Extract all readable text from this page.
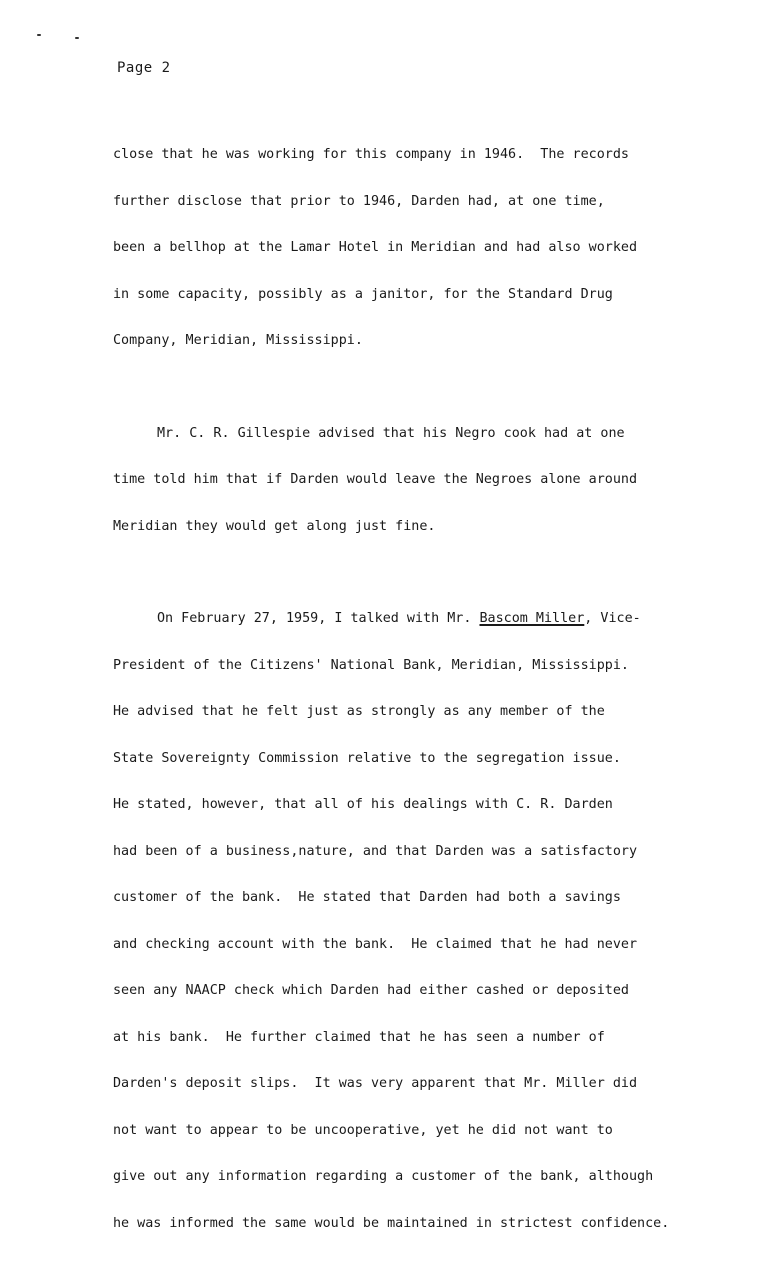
Page 2

close that he was working for this company in 1946.  The records

further disclose that prior to 1946, Darden had, at one time,

been a bellhop at the Lamar Hotel in Meridian and had also worked

in some capacity, possibly as a janitor, for the Standard Drug

Company, Meridian, Mississippi.

Mr. C. R. Gillespie advised that his Negro cook had at one

time told him that if Darden would leave the Negroes alone around

Meridian they would get along just fine.

On February 27, 1959, I talked with Mr. Bascom Miller, Vice-

President of the Citizens' National Bank, Meridian, Mississippi.

He advised that he felt just as strongly as any member of the

State Sovereignty Commission relative to the segregation issue.

He stated, however, that all of his dealings with C. R. Darden

had been of a business,nature, and that Darden was a satisfactory

customer of the bank.  He stated that Darden had both a savings

and checking account with the bank.  He claimed that he had never

seen any NAACP check which Darden had either cashed or deposited

at his bank.  He further claimed that he has seen a number of

Darden's deposit slips.  It was very apparent that Mr. Miller did

not want to appear to be uncooperative, yet he did not want to

give out any information regarding a customer of the bank, although

he was informed the same would be maintained in strictest confidence.
